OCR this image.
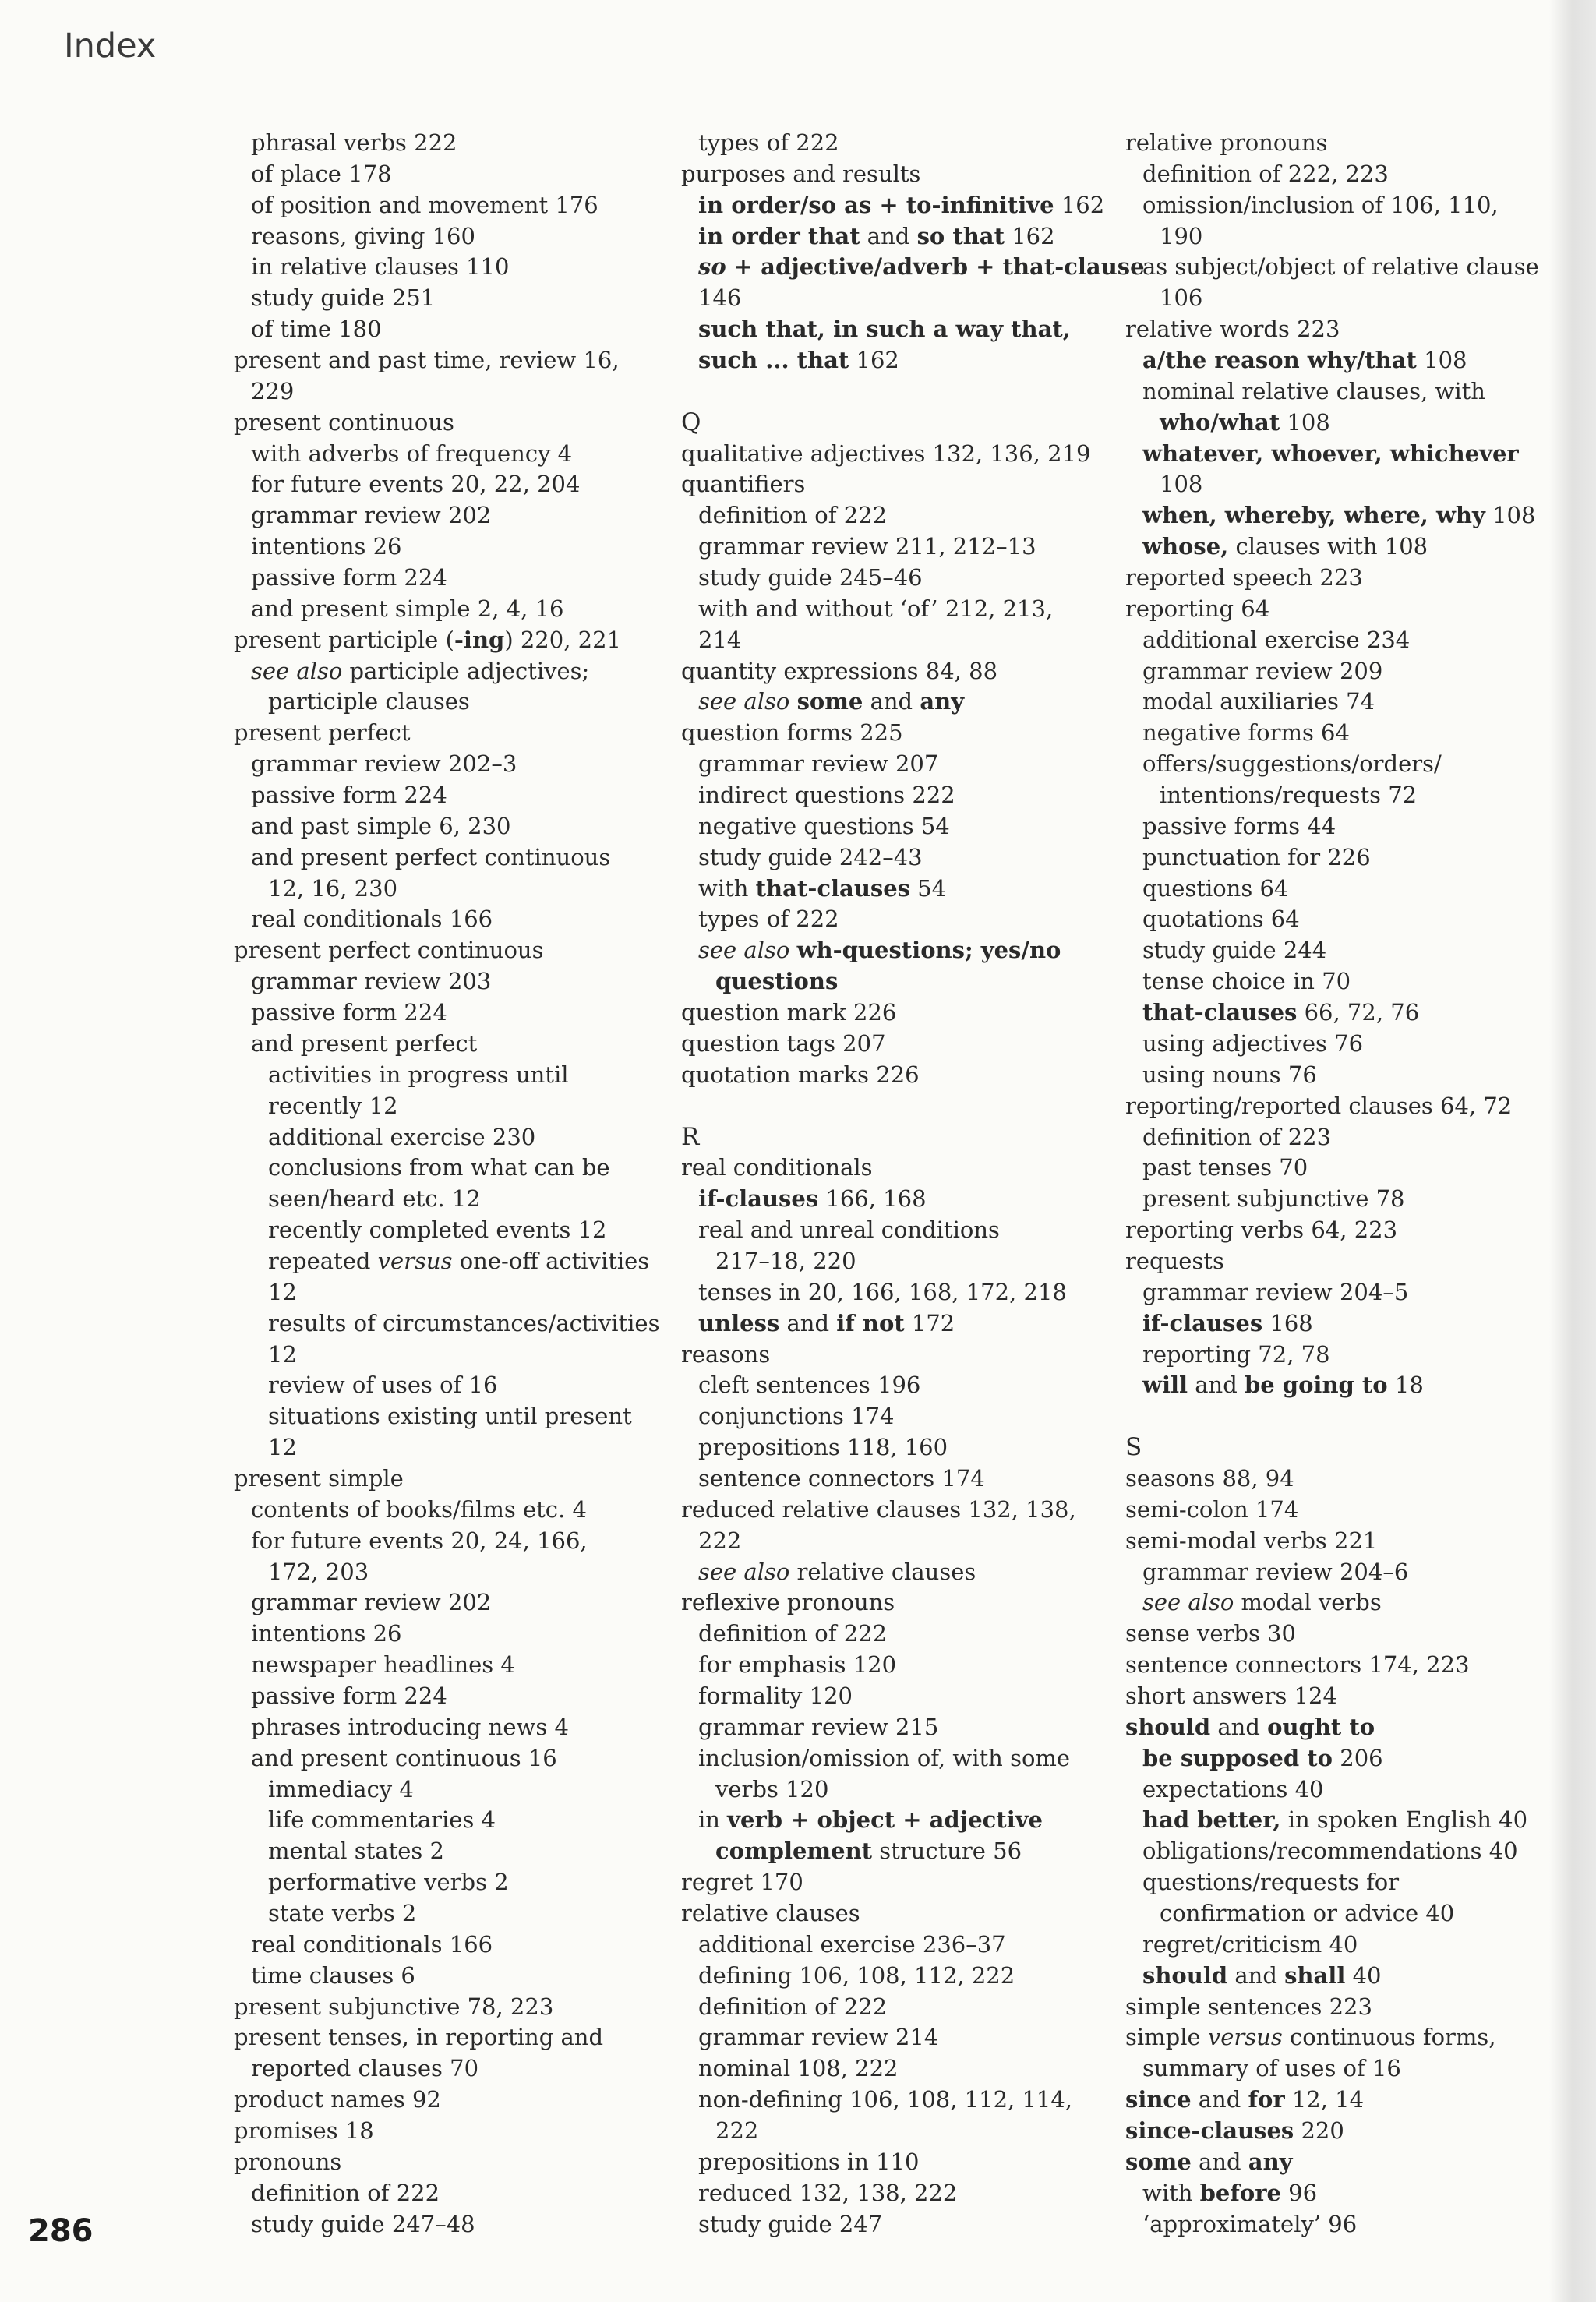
Index
phrasal verbs 222
of place 178
of position and movement 176
reasons, giving 160
in relative clauses 110
study guide 251
of time 180
present and past time, review 16,
229
present continuous
with adverbs of frequency 4
for future events 20, 22, 204
grammar review 202
intentions 26
passive form 224
and present simple 2, 4, 16
present participle (-ing) 220, 221
see also participle adjectives;
participle clauses
present perfect
grammar review 202–3
passive form 224
and past simple 6, 230
and present perfect continuous
12, 16, 230
real conditionals 166
present perfect continuous
grammar review 203
passive form 224
and present perfect
activities in progress until
recently 12
additional exercise 230
conclusions from what can be
seen/heard etc. 12
recently completed events 12
repeated versus one-off activities
12
results of circumstances/activities
12
review of uses of 16
situations existing until present
12
present simple
contents of books/films etc. 4
for future events 20, 24, 166,
172, 203
grammar review 202
intentions 26
newspaper headlines 4
passive form 224
phrases introducing news 4
and present continuous 16
immediacy 4
life commentaries 4
mental states 2
performative verbs 2
state verbs 2
real conditionals 166
time clauses 6
present subjunctive 78, 223
present tenses, in reporting and
reported clauses 70
product names 92
promises 18
pronouns
definition of 222
study guide 247–48
types of 222
purposes and results
in order/so as + to-infinitive 162
in order that and so that 162
so + adjective/adverb + that-clause
146
such that, in such a way that,
such ... that 162
Q
qualitative adjectives 132, 136, 219
quantifiers
definition of 222
grammar review 211, 212–13
study guide 245–46
with and without ‘of’ 212, 213,
214
quantity expressions 84, 88
see also some and any
question forms 225
grammar review 207
indirect questions 222
negative questions 54
study guide 242–43
with that-clauses 54
types of 222
see also wh-questions; yes/no
questions
question mark 226
question tags 207
quotation marks 226
R
real conditionals
if-clauses 166, 168
real and unreal conditions
217–18, 220
tenses in 20, 166, 168, 172, 218
unless and if not 172
reasons
cleft sentences 196
conjunctions 174
prepositions 118, 160
sentence connectors 174
reduced relative clauses 132, 138,
222
see also relative clauses
reflexive pronouns
definition of 222
for emphasis 120
formality 120
grammar review 215
inclusion/omission of, with some
verbs 120
in verb + object + adjective
complement structure 56
regret 170
relative clauses
additional exercise 236–37
defining 106, 108, 112, 222
definition of 222
grammar review 214
nominal 108, 222
non-defining 106, 108, 112, 114,
222
prepositions in 110
reduced 132, 138, 222
study guide 247
relative pronouns
definition of 222, 223
omission/inclusion of 106, 110,
190
as subject/object of relative clause
106
relative words 223
a/the reason why/that 108
nominal relative clauses, with
who/what 108
whatever, whoever, whichever
108
when, whereby, where, why 108
whose, clauses with 108
reported speech 223
reporting 64
additional exercise 234
grammar review 209
modal auxiliaries 74
negative forms 64
offers/suggestions/orders/
intentions/requests 72
passive forms 44
punctuation for 226
questions 64
quotations 64
study guide 244
tense choice in 70
that-clauses 66, 72, 76
using adjectives 76
using nouns 76
reporting/reported clauses 64, 72
definition of 223
past tenses 70
present subjunctive 78
reporting verbs 64, 223
requests
grammar review 204–5
if-clauses 168
reporting 72, 78
will and be going to 18
S
seasons 88, 94
semi-colon 174
semi-modal verbs 221
grammar review 204–6
see also modal verbs
sense verbs 30
sentence connectors 174, 223
short answers 124
should and ought to
be supposed to 206
expectations 40
had better, in spoken English 40
obligations/recommendations 40
questions/requests for
confirmation or advice 40
regret/criticism 40
should and shall 40
simple sentences 223
simple versus continuous forms,
summary of uses of 16
since and for 12, 14
since-clauses 220
some and any
with before 96
‘approximately’ 96
286
